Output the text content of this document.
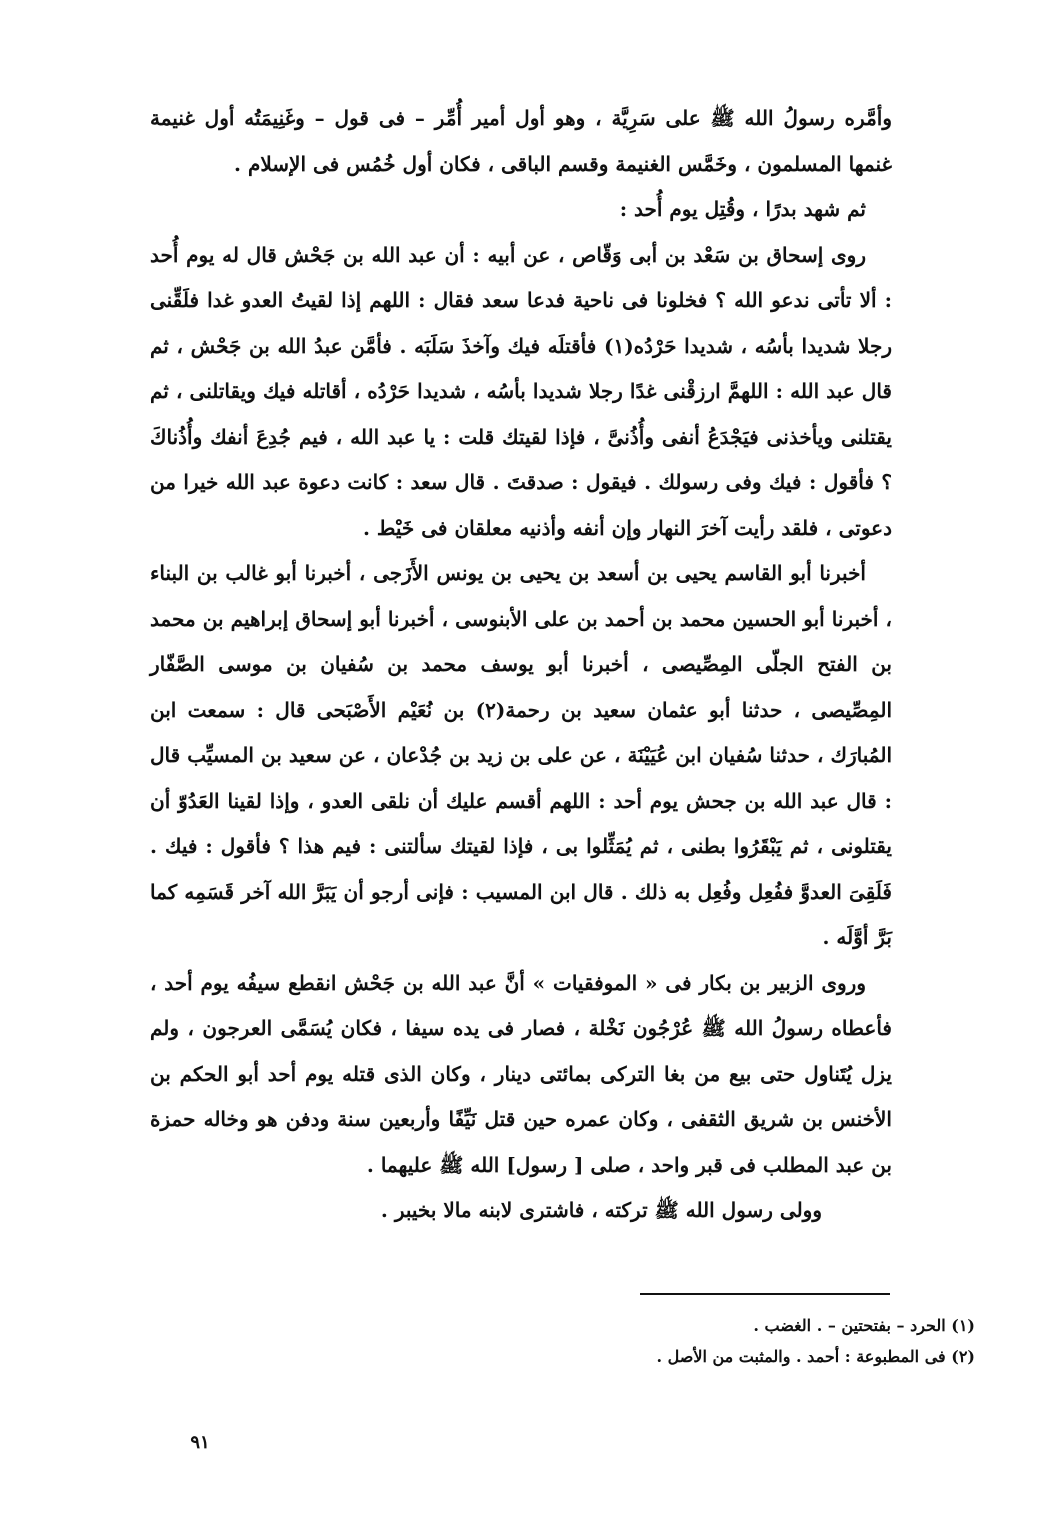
وأمَّره رسولُ الله ﷺ على سَرِيَّة ، وهو أول أمير أُمِّر – فى قول – وغَنِيمَتُه أول غنيمة غنمها المسلمون ، وخَمَّس الغنيمة وقسم الباقى ، فكان أول خُمُس فى الإسلام .

ثم شهد بدرًا ، وقُتِل يوم أُحد :

روى إسحاق بن سَعْد بن أبى وَقّاص ، عن أبيه : أن عبد الله بن جَحْش قال له يوم أُحد : ألا تأتى ندعو الله ؟ فخلونا فى ناحية فدعا سعد فقال : اللهم إذا لقيتُ العدو غدا فلَقِّنى رجلا شديدا بأسُه ، شديدا حَرْدُه(١) فأقتلَه فيك وآخذَ سَلَبَه . فأمَّن عبدُ الله بن جَحْش ، ثم قال عبد الله : اللهمَّ ارزقْنى غدًا رجلا شديدا بأسُه ، شديدا حَرْدُه ، أقاتله فيك ويقاتلنى ، ثم يقتلنى ويأخذنى فيَجْدَعُ أنفى وأُذُنىَّ ، فإذا لقيتك قلت : يا عبد الله ، فيم جُدِعَ أنفك وأُذُناكَ ؟ فأقول : فيك وفى رسولك . فيقول : صدقتَ . قال سعد : كانت دعوة عبد الله خيرا من دعوتى ، فلقد رأيت آخرَ النهار وإن أنفه وأذنيه معلقان فى خَيْط .

أخبرنا أبو القاسم يحيى بن أسعد بن يحيى بن يونس الأَزَجى ، أخبرنا أبو غالب بن البناء ، أخبرنا أبو الحسين محمد بن أحمد بن على الأبنوسى ، أخبرنا أبو إسحاق إبراهيم بن محمد بن الفتح الجلّى المِصِّيصى ، أخبرنا أبو يوسف محمد بن سُفيان بن موسى الصَّفّار المِصِّيصى ، حدثنا أبو عثمان سعيد بن رحمة(٢) بن نُعَيْم الأَصْبَحى قال : سمعت ابن المُبارَك ، حدثنا سُفيان ابن عُيَيْنَة ، عن على بن زيد بن جُدْعان ، عن سعيد بن المسيِّب قال : قال عبد الله بن جحش يوم أحد : اللهم أقسم عليك أن نلقى العدو ، وإذا لقينا العَدُوّ أن يقتلونى ، ثم يَبْقَرُوا بطنى ، ثم يُمَثِّلوا بى ، فإذا لقيتك سألتنى : فيم هذا ؟ فأقول : فيك . فَلَقِىَ العدوَّ ففُعِل وفُعِل به ذلك . قال ابن المسيب : فإنى أرجو أن يَبَرَّ الله آخر قَسَمِه كما بَرَّ أوَّلَه .

وروى الزبير بن بكار فى « الموفقيات » أنَّ عبد الله بن جَحْش انقطع سيفُه يوم أحد ، فأعطاه رسولُ الله ﷺ عُرْجُون نَخْلة ، فصار فى يده سيفا ، فكان يُسَمَّى العرجون ، ولم يزل يُتَناول حتى بيع من بغا التركى بمائتى دينار ، وكان الذى قتله يوم أحد أبو الحكم بن الأخنس بن شريق الثقفى ، وكان عمره حين قتل نَيِّفًا وأربعين سنة ودفن هو وخاله حمزة بن عبد المطلب فى قبر واحد ، صلى [ رسول] الله ﷺ عليهما .

وولى رسول الله ﷺ تركته ، فاشترى لابنه مالا بخيبر .

(١) الحرد – بفتحتين – . الغضب .

(٢) فى المطبوعة : أحمد . والمثبت من الأصل .

٩١
